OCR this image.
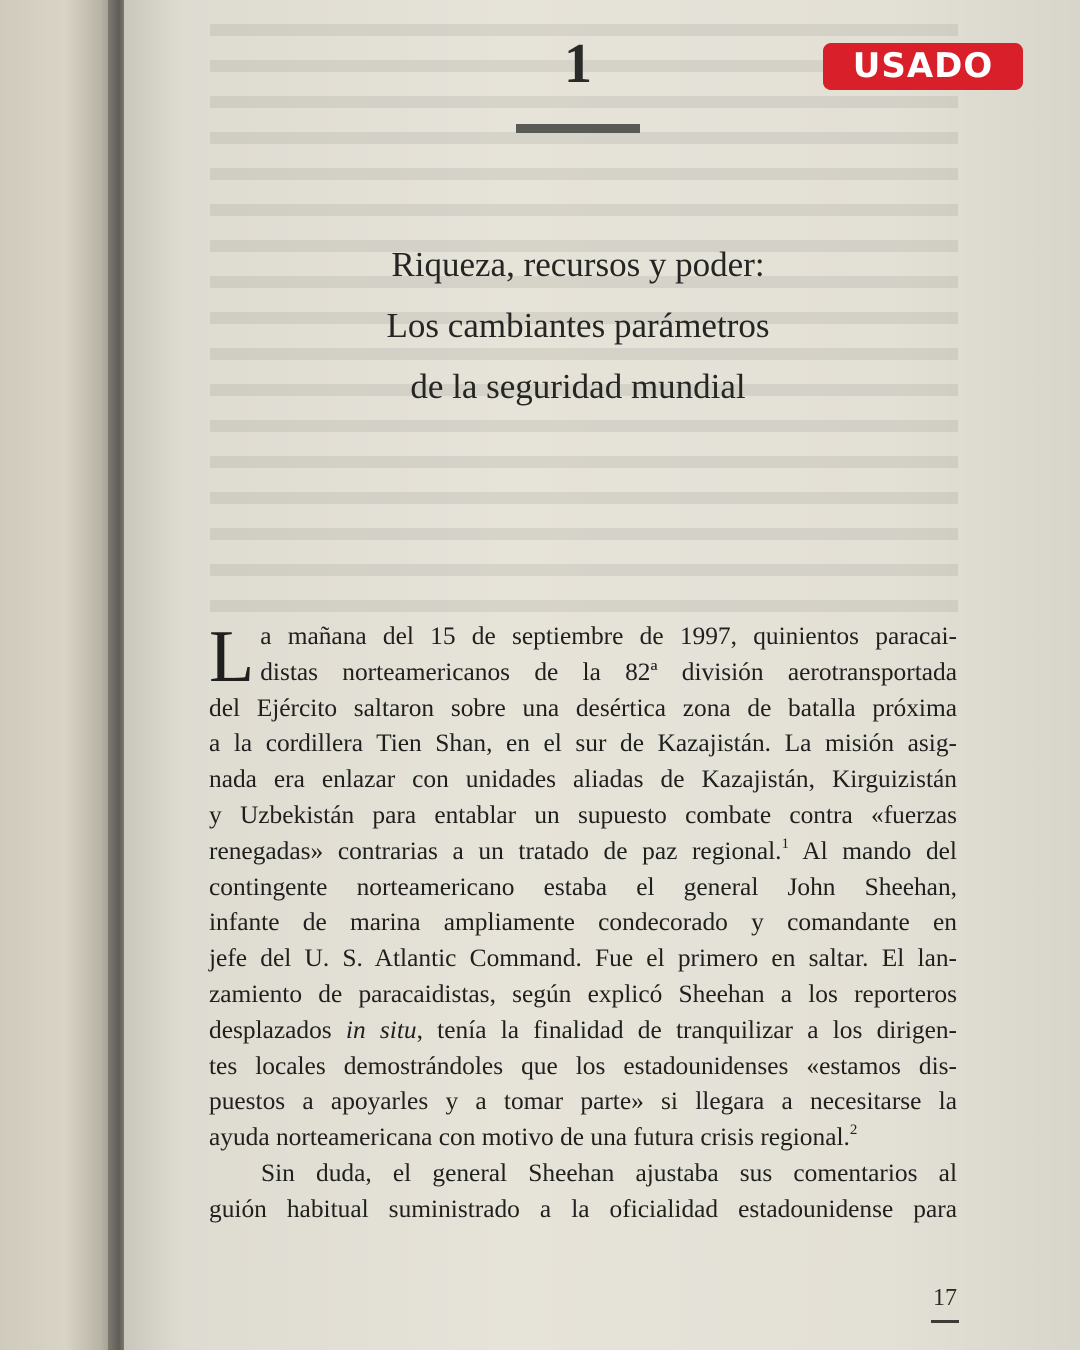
1
Riqueza, recursos y poder:
Los cambiantes parámetros
de la seguridad mundial
USADO
L a mañana del 15 de septiembre de 1997, quinientos paracai-

distas norteamericanos de la 82ª división aerotransportada

del Ejército saltaron sobre una desértica zona de batalla próxima

a la cordillera Tien Shan, en el sur de Kazajistán. La misión asig-

nada era enlazar con unidades aliadas de Kazajistán, Kirguizistán

y Uzbekistán para entablar un supuesto combate contra «fuerzas

renegadas» contrarias a un tratado de paz regional.$^1$ Al mando del

contingente norteamericano estaba el general John Sheehan,

infante de marina ampliamente condecorado y comandante en

jefe del U. S. Atlantic Command. Fue el primero en saltar. El lan-

zamiento de paracaidistas, según explicó Sheehan a los reporteros

desplazados in situ, tenía la finalidad de tranquilizar a los dirigen-

tes locales demostrándoles que los estadounidenses «estamos dis-

puestos a apoyarles y a tomar parte» si llegara a necesitarse la

ayuda norteamericana con motivo de una futura crisis regional.$^2$

Sin duda, el general Sheehan ajustaba sus comentarios al

guión habitual suministrado a la oficialidad estadounidense para

17
